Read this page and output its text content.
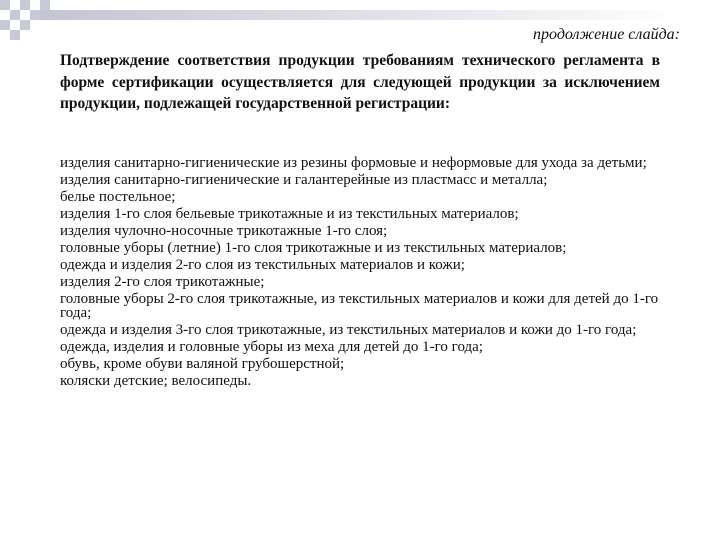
продолжение слайда:

Подтверждение соответствия продукции требованиям технического регламента в форме сертификации осуществляется для следующей продукции за исключением продукции, подлежащей государственной регистрации:

изделия санитарно-гигиенические из резины формовые и неформовые для ухода за детьми;
изделия санитарно-гигиенические и галантерейные из пластмасс и металла;
белье постельное;
изделия 1-го слоя бельевые трикотажные и из текстильных материалов;
изделия чулочно-носочные трикотажные 1-го слоя;
головные уборы (летние) 1-го слоя трикотажные и из текстильных материалов;
одежда и изделия 2-го слоя из текстильных материалов и кожи;
изделия 2-го слоя трикотажные;
головные уборы 2-го слоя трикотажные, из текстильных материалов и кожи для детей до 1-го года;
одежда и изделия 3-го слоя трикотажные, из текстильных материалов и кожи до 1-го года;
одежда, изделия и головные уборы из меха для детей до 1-го года;
обувь, кроме обуви валяной грубошерстной;
коляски детские; велосипеды.
